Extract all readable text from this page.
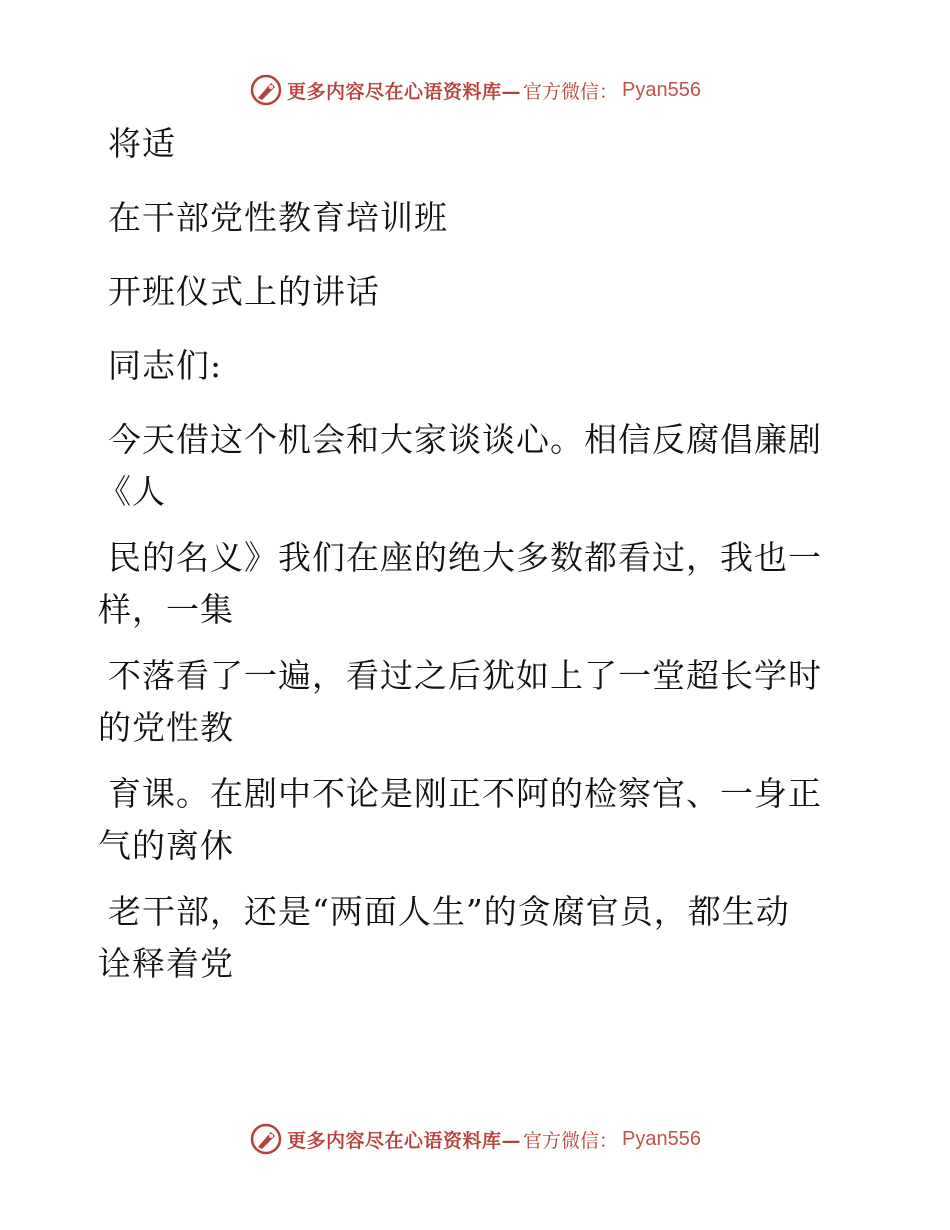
更多内容尽在心语资料库— 官方微信： Pyan556
将适
在干部党性教育培训班
开班仪式上的讲话
同志们:
今天借这个机会和大家谈谈心。相信反腐倡廉剧
《人
民的名义》我们在座的绝大多数都看过，我也一
样，一集
不落看了一遍，看过之后犹如上了一堂超长学时
的党性教
育课。在剧中不论是刚正不阿的检察官、一身正
气的离休
老干部，还是“两面人生”的贪腐官员，都生动
诠释着党
更多内容尽在心语资料库— 官方微信： Pyan556
